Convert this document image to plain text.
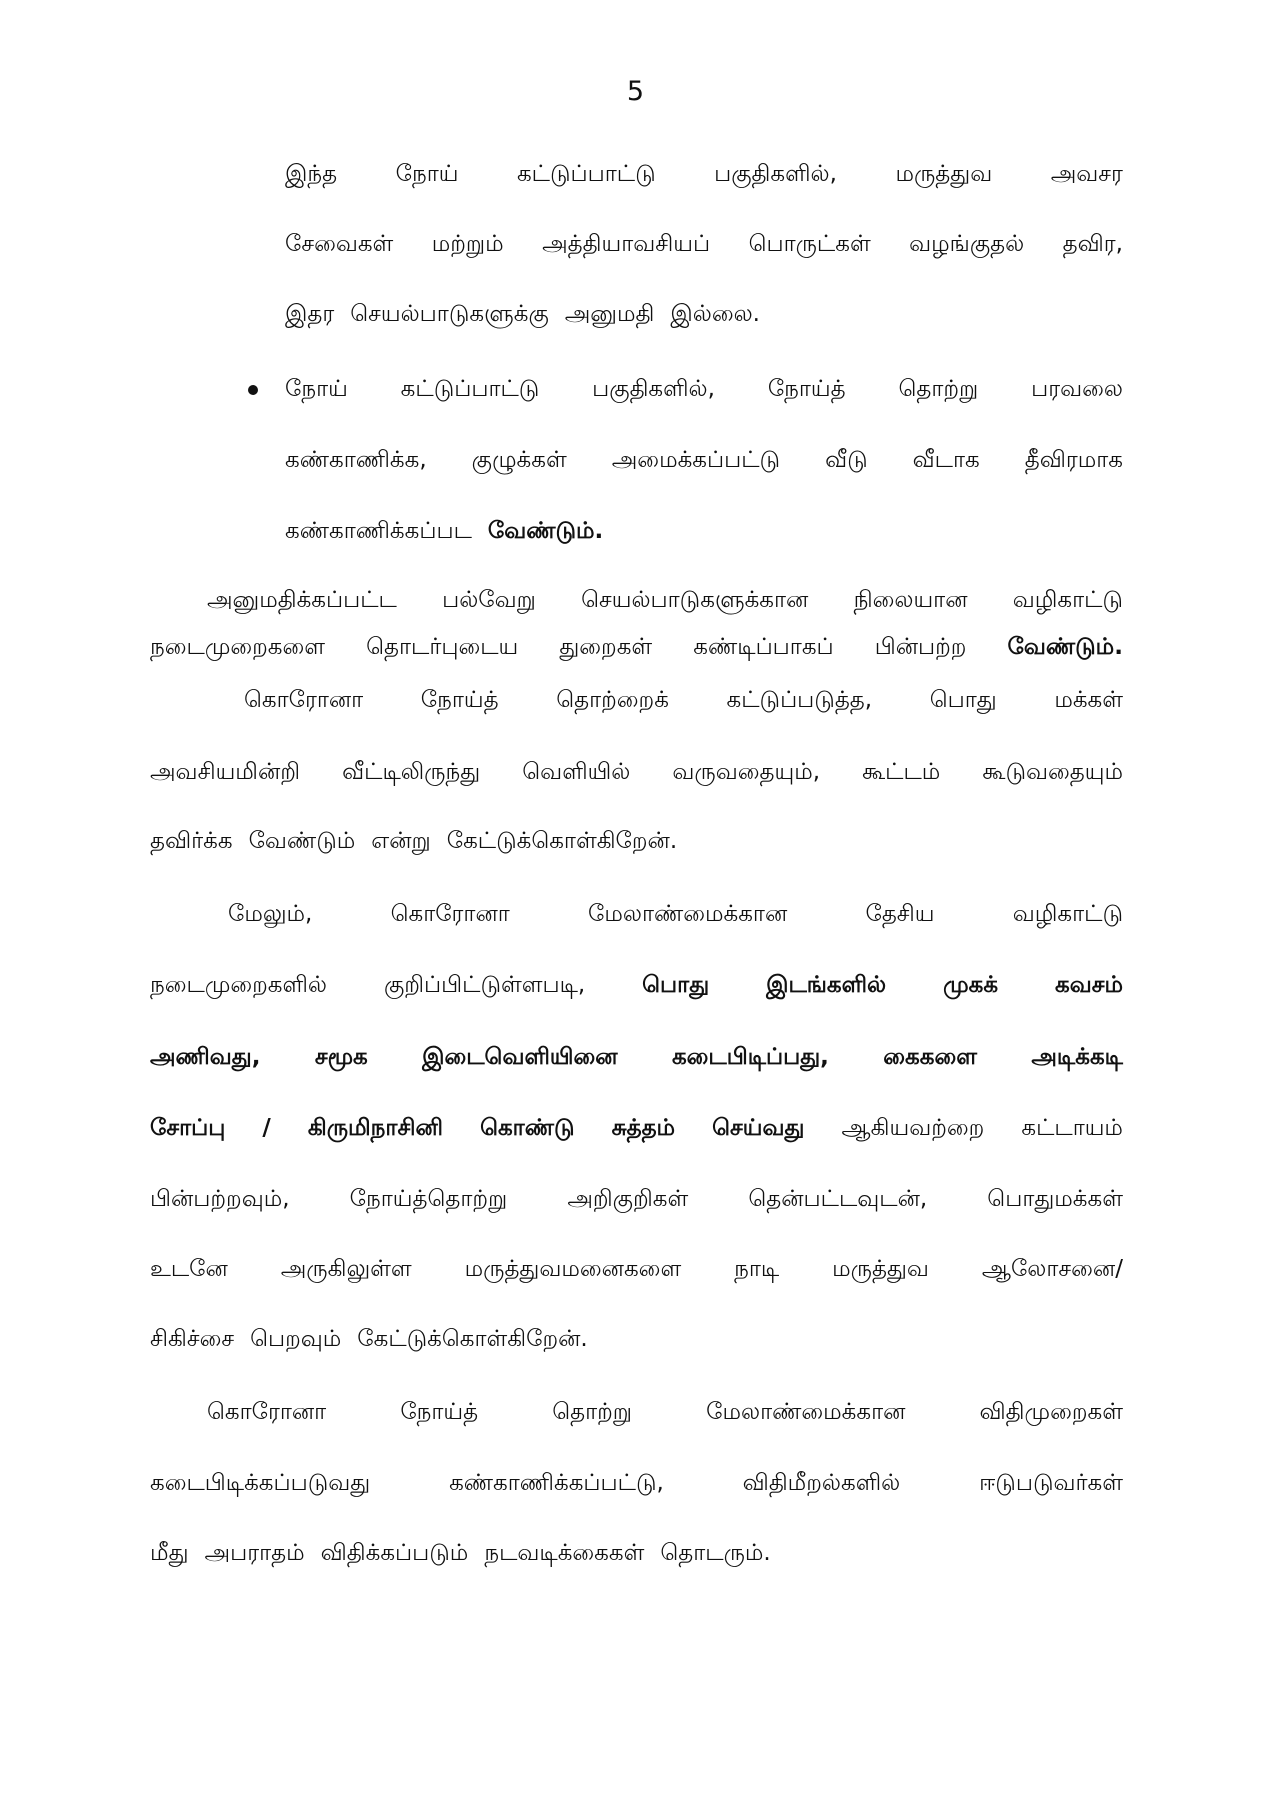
5
இந்த	நோய்	கட்டுப்பாட்டு	பகுதிகளில்,	மருத்துவ	அவசர
சேவைகள் மற்றும் அத்தியாவசியப் பொருட்கள் வழங்குதல் தவிர,
இதர செயல்பாடுகளுக்கு அனுமதி இல்லை.
நோய் கட்டுப்பாட்டு பகுதிகளில், நோய்த் தொற்று பரவலை
கண்காணிக்க, குழுக்கள் அமைக்கப்பட்டு வீடு வீடாக தீவிரமாக
கண்காணிக்கப்பட வேண்டும்.
அனுமதிக்கப்பட்ட பல்வேறு செயல்பாடுகளுக்கான நிலையான வழிகாட்டு
நடைமுறைகளை தொடர்புடைய துறைகள் கண்டிப்பாகப் பின்பற்ற வேண்டும்.
கொரோனா	நோய்த்	தொற்றைக்	கட்டுப்படுத்த,	பொது	மக்கள்
அவசியமின்றி வீட்டிலிருந்து வெளியில் வருவதையும், கூட்டம் கூடுவதையும்
தவிர்க்க வேண்டும் என்று கேட்டுக்கொள்கிறேன்.
மேலும்,	கொரோனா	மேலாண்மைக்கான	தேசிய	வழிகாட்டு
நடைமுறைகளில் குறிப்பிட்டுள்ளபடி, பொது இடங்களில் முகக் கவசம்
அணிவது, சமூக இடைவெளியினை கடைபிடிப்பது, கைகளை அடிக்கடி
சோப்பு / கிருமிநாசினி கொண்டு சுத்தம் செய்வது ஆகியவற்றை கட்டாயம்
பின்பற்றவும்,	நோய்த்தொற்று	அறிகுறிகள்	தென்பட்டவுடன்,	பொதுமக்கள்
உடனே அருகிலுள்ள மருத்துவமனைகளை நாடி மருத்துவ ஆலோசனை/
சிகிச்சை பெறவும் கேட்டுக்கொள்கிறேன்.
கொரோனா	நோய்த்	தொற்று	மேலாண்மைக்கான	விதிமுறைகள்
கடைபிடிக்கப்படுவது	கண்காணிக்கப்பட்டு,	விதிமீறல்களில்	ஈடுபடுவர்கள்
மீது அபராதம் விதிக்கப்படும் நடவடிக்கைகள் தொடரும்.
